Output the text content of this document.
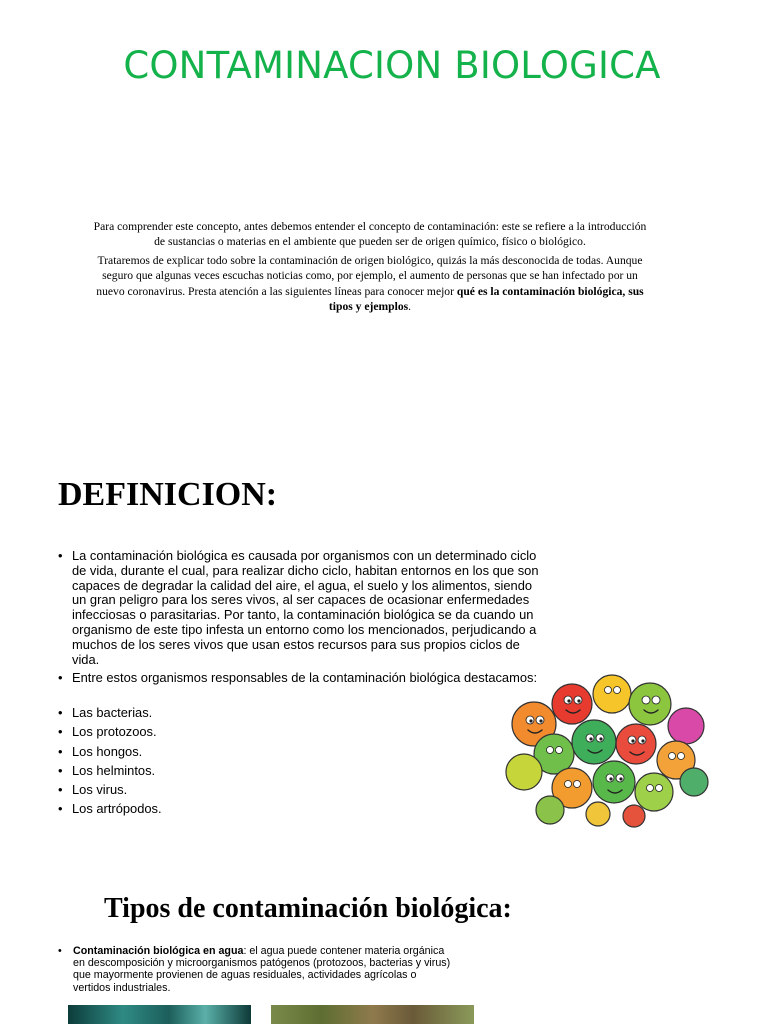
CONTAMINACION BIOLOGICA

Para comprender este concepto, antes debemos entender el concepto de contaminación: este se refiere a la introducción de sustancias o materias en el ambiente que pueden ser de origen químico, físico o biológico.

Trataremos de explicar todo sobre la contaminación de origen biológico, quizás la más desconocida de todas. Aunque seguro que algunas veces escuchas noticias como, por ejemplo, el aumento de personas que se han infectado por un nuevo coronavirus. Presta atención a las siguientes líneas para conocer mejor qué es la contaminación biológica, sus tipos y ejemplos.

DEFINICION:
• La contaminación biológica es causada por organismos con un determinado ciclo de vida, durante el cual, para realizar dicho ciclo, habitan entornos en los que son capaces de degradar la calidad del aire, el agua, el suelo y los alimentos, siendo un gran peligro para los seres vivos, al ser capaces de ocasionar enfermedades infecciosas o parasitarias. Por tanto, la contaminación biológica se da cuando un organismo de este tipo infesta un entorno como los mencionados, perjudicando a muchos de los seres vivos que usan estos recursos para sus propios ciclos de vida.
• Entre estos organismos responsables de la contaminación biológica destacamos:
• Las bacterias.
• Los protozoos.
• Los hongos.
• Los helmintos.
• Los virus.
• Los artrópodos.
Tipos de contaminación biológica:
• Contaminación biológica en agua: el agua puede contener materia orgánica en descomposición y microorganismos patógenos (protozoos, bacterias y virus) que mayormente provienen de aguas residuales, actividades agrícolas o vertidos industriales.
